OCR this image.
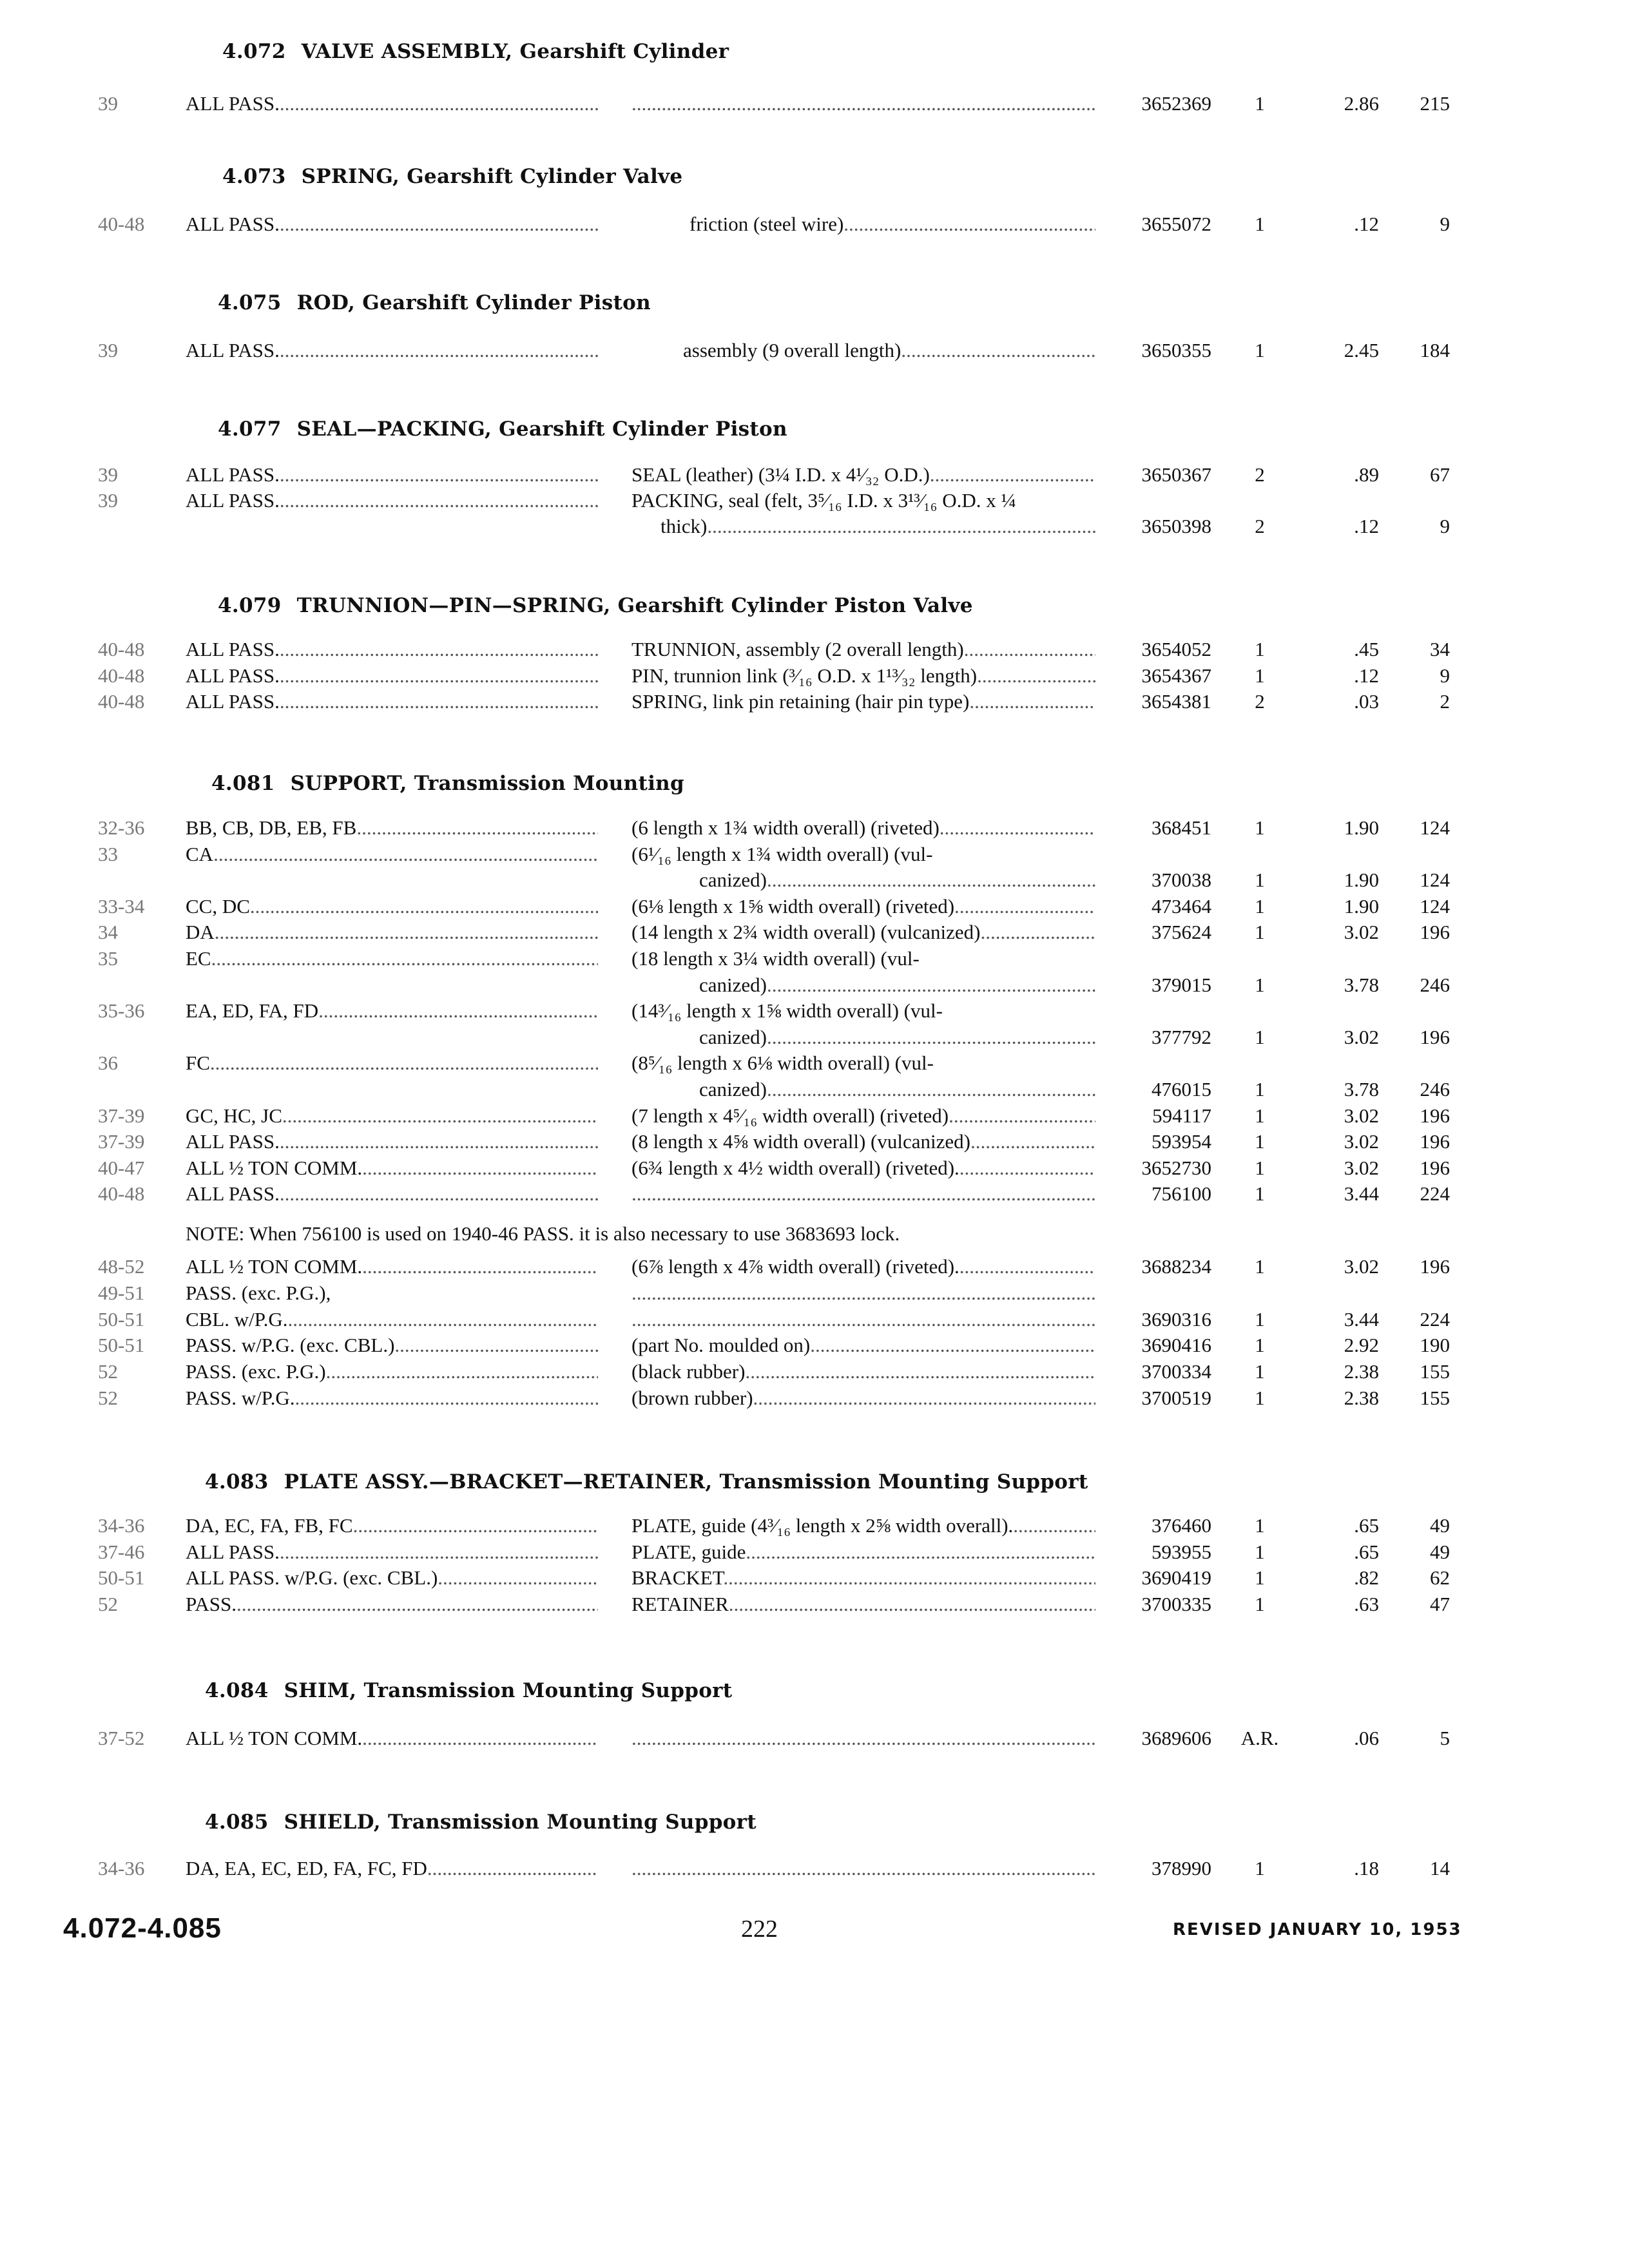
4.072 VALVE ASSEMBLY, Gearshift Cylinder
39	ALL PASS. ..... .....	3652369	1	2.86	215
4.073 SPRING, Gearshift Cylinder Valve
40-48 ALL PASS. .....	friction (steel wire) .....	3655072	1	.12	9
4.075 ROD, Gearshift Cylinder Piston
39	ALL PASS. .....	assembly (9 overall length) .....	3650355	1	2.45	184
4.077 SEAL—PACKING, Gearshift Cylinder Piston
39	ALL PASS. .....	SEAL (leather) (3¼ I.D. x 4¹⁄₃₂ O.D.) .....	3650367	2	.89	67
39	ALL PASS. .....	PACKING, seal (felt, 3⁵⁄₁₆ I.D. x 3¹³⁄₁₆ O.D. x ¼
thick) .....	3650398	2	.12	9
4.079 TRUNNION—PIN—SPRING, Gearshift Cylinder Piston Valve
40-48 ALL PASS. .....	TRUNNION, assembly (2 overall length) .....	3654052	1	.45	34
40-48 ALL PASS. .....	PIN, trunnion link (³⁄₁₆ O.D. x 1¹³⁄₃₂ length) .....	3654367	1	.12	9
40-48 ALL PASS. .....	SPRING, link pin retaining (hair pin type) .....	3654381	2	.03	2
4.081 SUPPORT, Transmission Mounting
32-36 BB, CB, DB, EB, FB .....	(6 length x 1¾ width overall) (riveted) .....	368451	1	1.90	124
33	CA .....	(6¹⁄₁₆ length x 1¾ width overall) (vul-
canized) .....	370038	1	1.90	124
33-34 CC, DC .....	(6⅛ length x 1⅝ width overall) (riveted) .....	473464	1	1.90	124
34	DA .....	(14 length x 2¾ width overall) (vulcanized) .....	375624	1	3.02	196
35	EC .....	(18 length x 3¼ width overall) (vul-
canized) .....	379015	1	3.78	246
35-36 EA, ED, FA, FD .....	(14³⁄₁₆ length x 1⅝ width overall) (vul-
canized) .....	377792	1	3.02	196
36	FC .....	(8⁵⁄₁₆ length x 6⅛ width overall) (vul-
canized) .....	476015	1	3.78	246
37-39 GC, HC, JC .....	(7 length x 4⁵⁄₁₆ width overall) (riveted) .....	594117	1	3.02	196
37-39 ALL PASS. .....	(8 length x 4⅝ width overall) (vulcanized) .....	593954	1	3.02	196
40-47 ALL ½ TON COMM. .....	(6¾ length x 4½ width overall) (riveted). .....	3652730	1	3.02	196
40-48 ALL PASS. ..... .....	756100	1	3.44	224
NOTE: When 756100 is used on 1940-46 PASS. it is also necessary to use 3683693 lock.
48-52 ALL ½ TON COMM. .....	(6⅞ length x 4⅞ width overall) (riveted). .....	3688234	1	3.02	196
49-51 PASS. (exc. P.G.),
.....
50-51 CBL. w/P.G. ..... .....	3690316	1	3.44	224
50-51 PASS. w/P.G. (exc. CBL.) .....	(part No. moulded on) .....	3690416	1	2.92	190
52	PASS. (exc. P.G.) .....	(black rubber) .....	3700334	1	2.38	155
52	PASS. w/P.G. .....	(brown rubber) .....	3700519	1	2.38	155
4.083 PLATE ASSY.—BRACKET—RETAINER, Transmission Mounting Support
34-36 DA, EC, FA, FB, FC .....	PLATE, guide (4³⁄₁₆ length x 2⅝ width overall). .....	376460	1	.65	49
37-46 ALL PASS. .....	PLATE, guide .....	593955	1	.65	49
50-51 ALL PASS. w/P.G. (exc. CBL.) .....	BRACKET .....	3690419	1	.82	62
52	PASS. .....	RETAINER .....	3700335	1	.63	47
4.084 SHIM, Transmission Mounting Support
37-52 ALL ½ TON COMM. ..... .....	3689606	A.R.	.06	5
4.085 SHIELD, Transmission Mounting Support
34-36 DA, EA, EC, ED, FA, FC, FD ..... .....	378990	1	.18	14
4.072-4.085	222	REVISED JANUARY 10, 1953
